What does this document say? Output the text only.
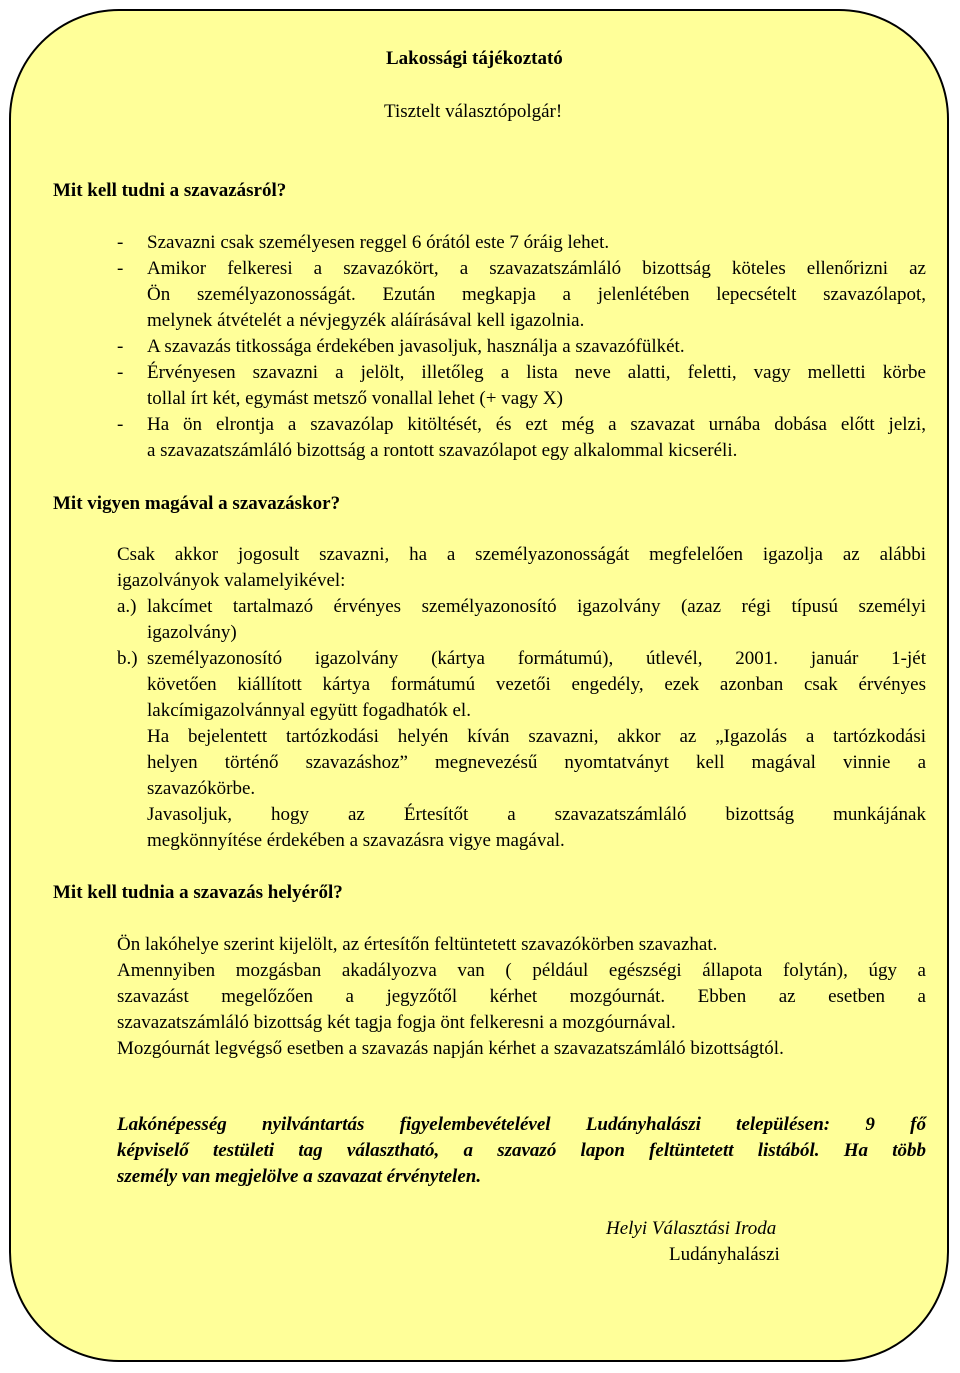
Lakossági tájékoztató

Tisztelt választópolgár!

Mit kell tudni a szavazásról?

- Szavazni csak személyesen reggel 6 órától este 7 óráig lehet.

- Amikor felkeresi a szavazókört, a szavazatszámláló bizottság köteles ellenőrizni az

Ön személyazonosságát. Ezután megkapja a jelenlétében lepecsételt szavazólapot,

melynek átvételét a névjegyzék aláírásával kell igazolnia.

- A szavazás titkossága érdekében javasoljuk, használja a szavazófülkét.

- Érvényesen szavazni a jelölt, illetőleg a lista neve alatti, feletti, vagy melletti körbe

tollal írt két, egymást metsző vonallal lehet (+ vagy X)

- Ha ön elrontja a szavazólap kitöltését, és ezt még a szavazat urnába dobása előtt jelzi,

a szavazatszámláló bizottság a rontott szavazólapot egy alkalommal kicseréli.

Mit vigyen magával a szavazáskor?

Csak akkor jogosult szavazni, ha a személyazonosságát megfelelően igazolja az alábbi

igazolványok valamelyikével:

a.) lakcímet tartalmazó érvényes személyazonosító igazolvány (azaz régi típusú személyi

igazolvány)

b.) személyazonosító igazolvány (kártya formátumú), útlevél, 2001. január 1-jét

követően kiállított kártya formátumú vezetői engedély, ezek azonban csak érvényes

lakcímigazolvánnyal együtt fogadhatók el.

Ha bejelentett tartózkodási helyén kíván szavazni, akkor az „Igazolás a tartózkodási

helyen történő szavazáshoz” megnevezésű nyomtatványt kell magával vinnie a

szavazókörbe.

Javasoljuk, hogy az Értesítőt a szavazatszámláló bizottság munkájának

megkönnyítése érdekében a szavazásra vigye magával.

Mit kell tudnia a szavazás helyéről?

Ön lakóhelye szerint kijelölt, az értesítőn feltüntetett szavazókörben szavazhat.

Amennyiben mozgásban akadályozva van ( például egészségi állapota folytán), úgy a

szavazást megelőzően a jegyzőtől kérhet mozgóurnát. Ebben az esetben a

szavazatszámláló bizottság két tagja fogja önt felkeresni a mozgóurnával.

Mozgóurnát legvégső esetben a szavazás napján kérhet a szavazatszámláló bizottságtól.

Lakónépesség nyilvántartás figyelembevételével Ludányhalászi településen: 9 fő

képviselő testületi tag választható, a szavazó lapon feltüntetett listából. Ha több

személy van megjelölve a szavazat érvénytelen.

Helyi Választási Iroda

Ludányhalászi
